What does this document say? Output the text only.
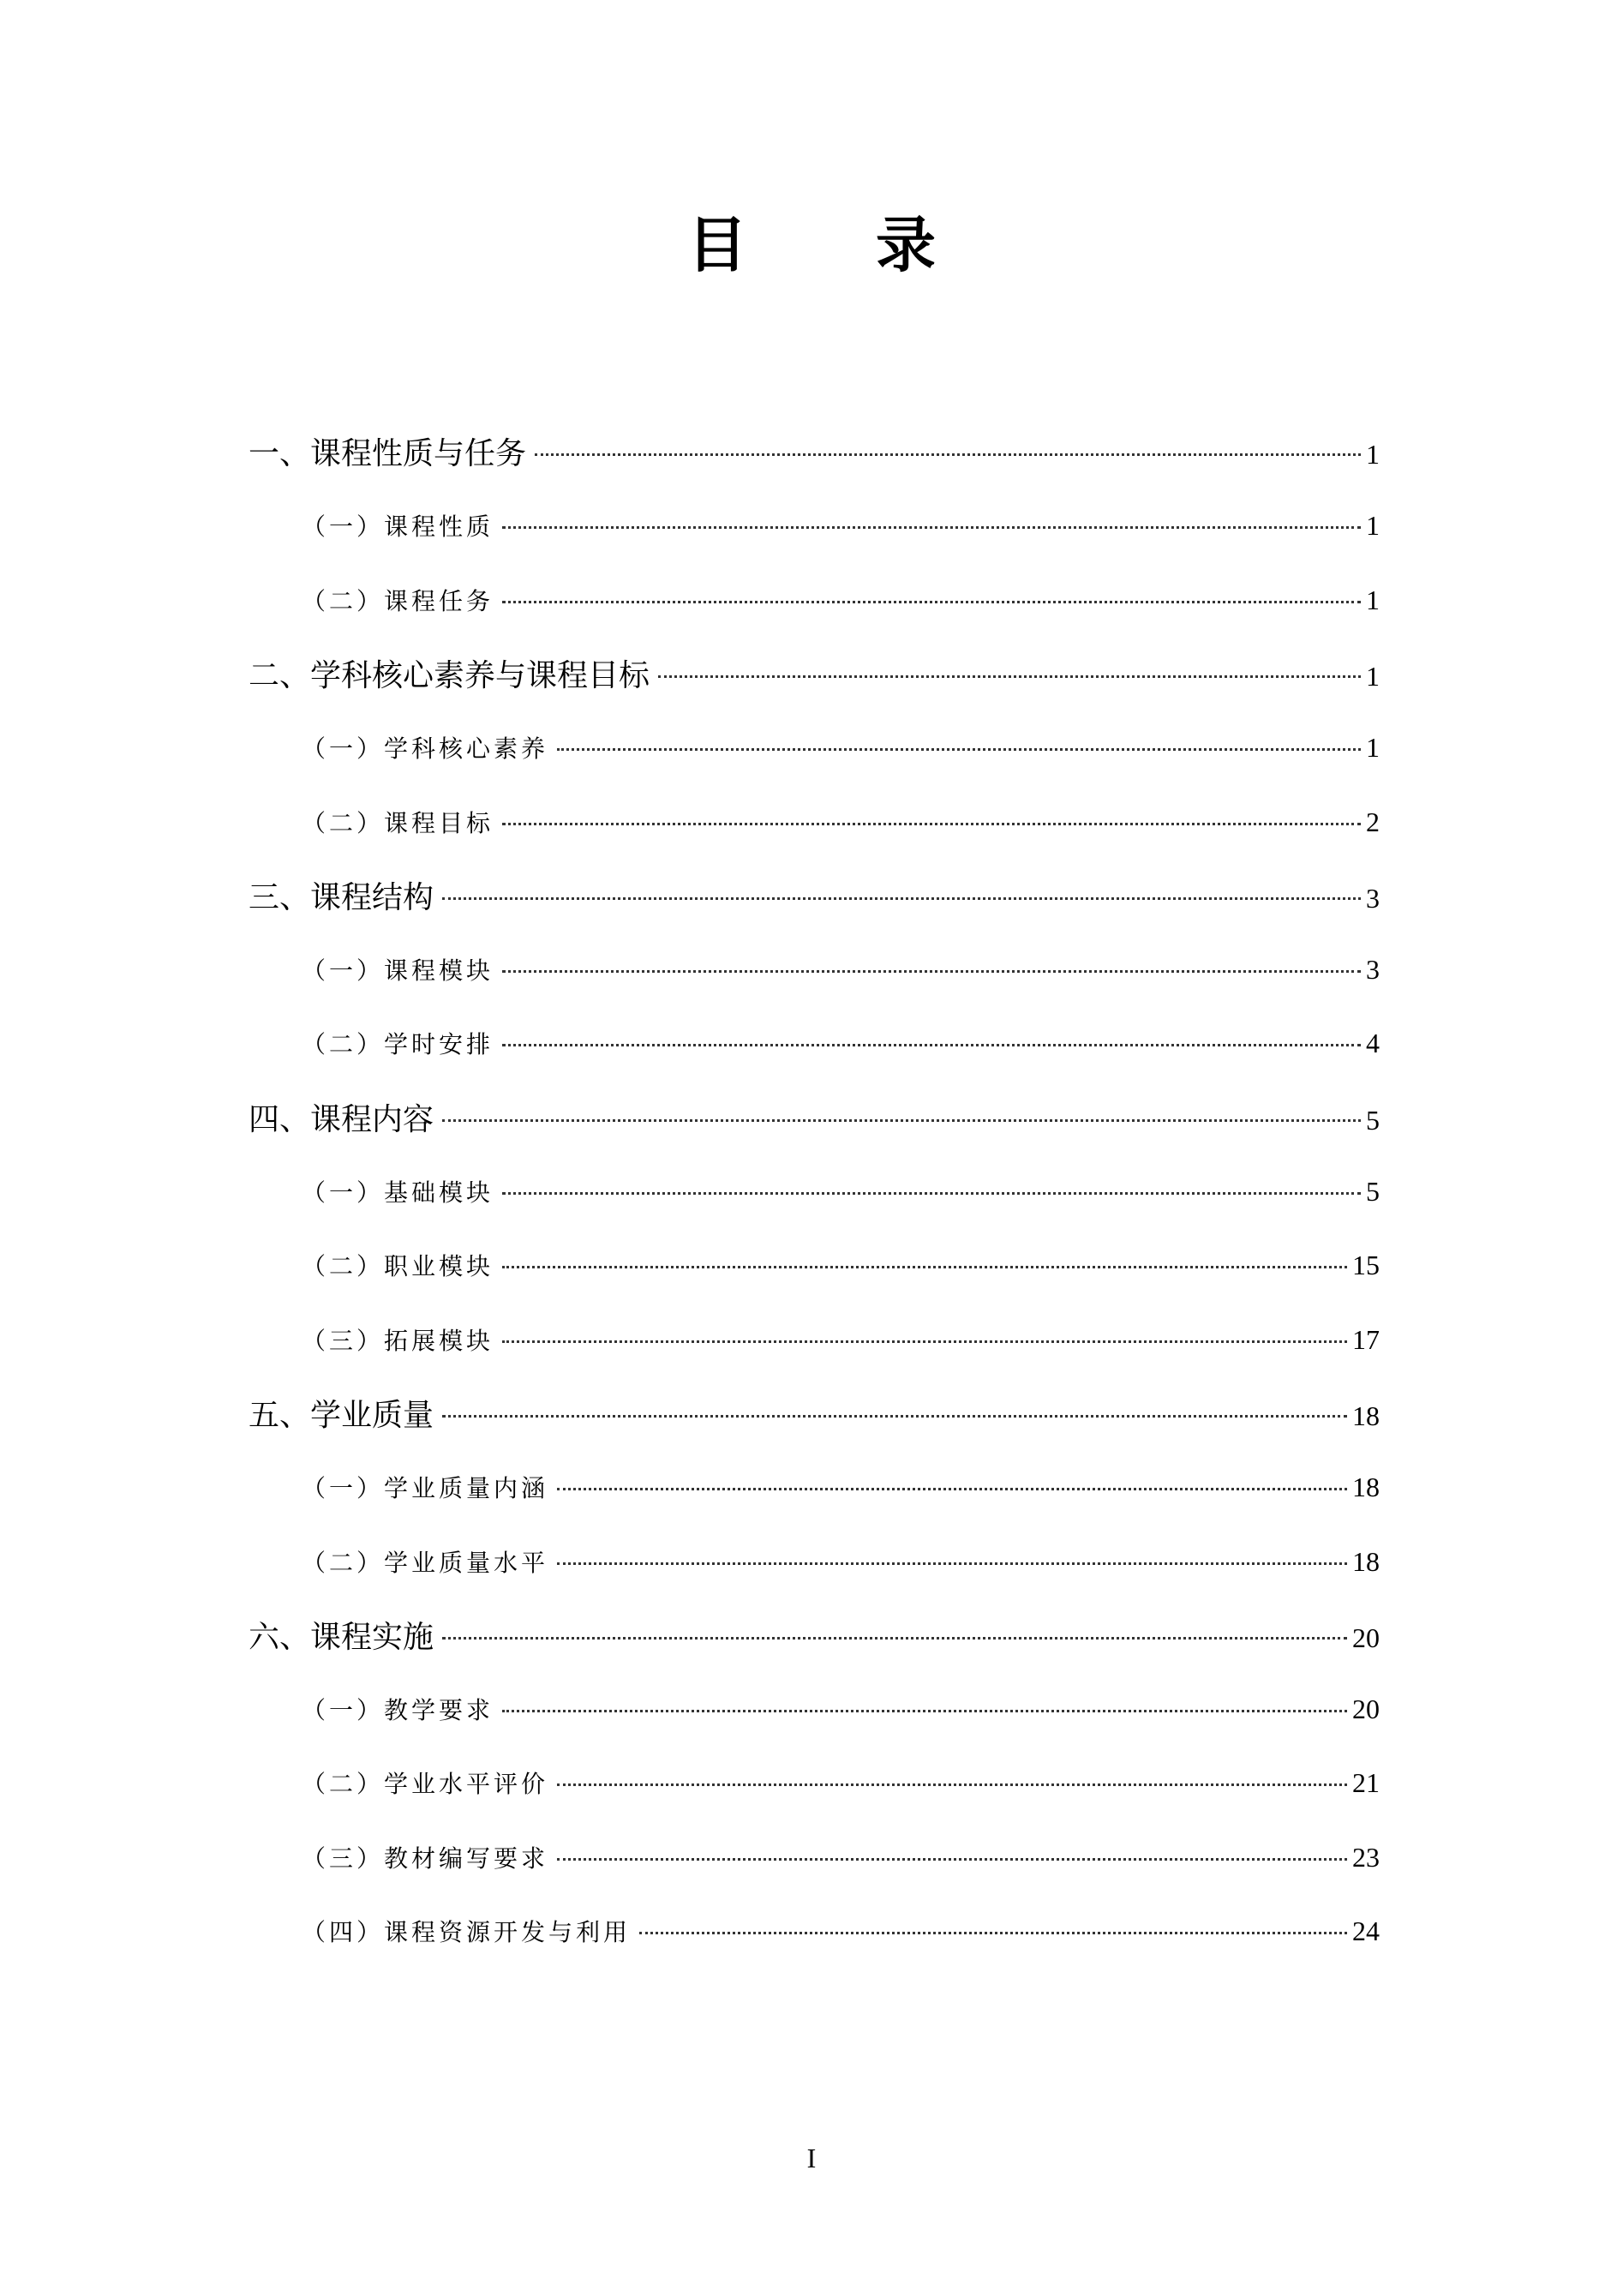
目录
一、课程性质与任务	1
（一）课程性质	1
（二）课程任务	1
二、学科核心素养与课程目标	1
（一）学科核心素养	1
（二）课程目标	2
三、课程结构	3
（一）课程模块	3
（二）学时安排	4
四、课程内容	5
（一）基础模块	5
（二）职业模块	15
（三）拓展模块	17
五、学业质量	18
（一）学业质量内涵	18
（二）学业质量水平	18
六、课程实施	20
（一）教学要求	20
（二）学业水平评价	21
（三）教材编写要求	23
（四）课程资源开发与利用	24
I
